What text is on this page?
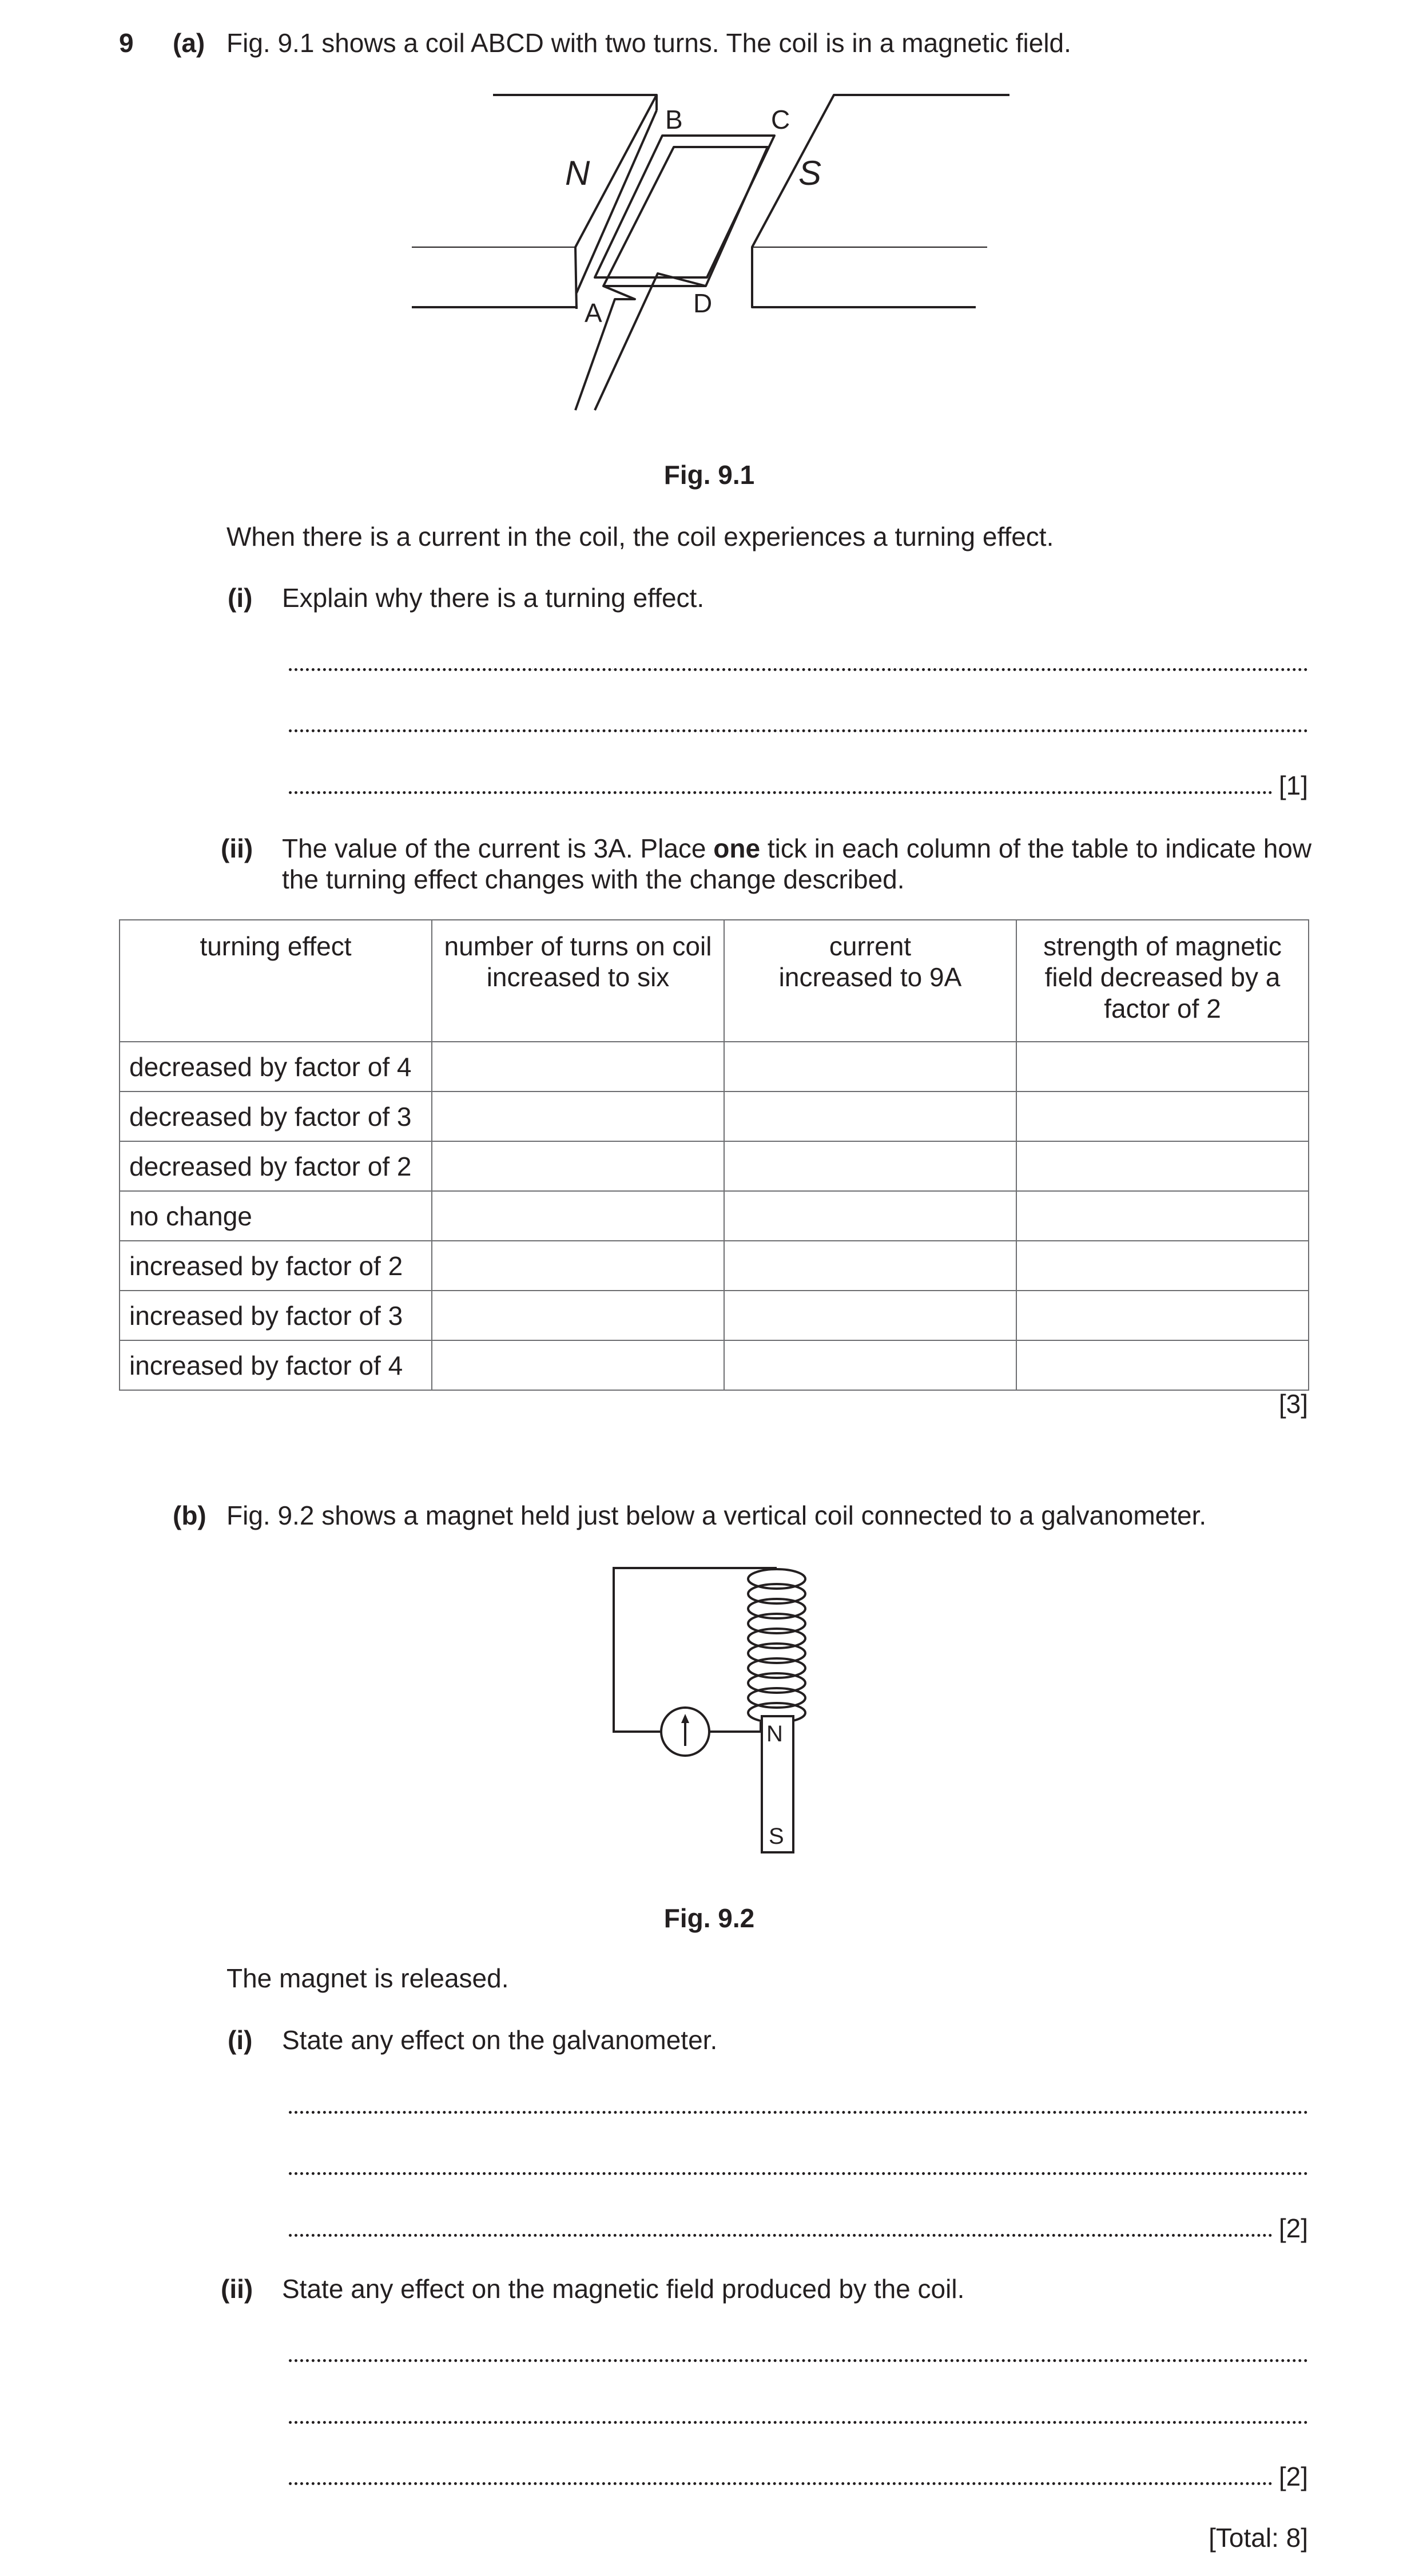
9 (a) Fig. 9.1 shows a coil ABCD with two turns. The coil is in a magnetic field.
N	S
B	C
A	D
Fig. 9.1
When there is a current in the coil, the coil experiences a turning effect.
(i) Explain why there is a turning effect.
[1]
(ii) The value of the current is 3A. Place one tick in each column of the table to indicate how
the turning effect changes with the change described.
turning effect	number of turns on coil increased to six	current increased to 9A	strength of magnetic field decreased by a factor of 2
decreased by factor of 4			
decreased by factor of 3			
decreased by factor of 2			
no change			
increased by factor of 2			
increased by factor of 3			
increased by factor of 4			
[3]
(b) Fig. 9.2 shows a magnet held just below a vertical coil connected to a galvanometer.
N
S
Fig. 9.2
The magnet is released.
(i) State any effect on the galvanometer.
[2]
(ii) State any effect on the magnetic field produced by the coil.
[2]
[Total: 8]
